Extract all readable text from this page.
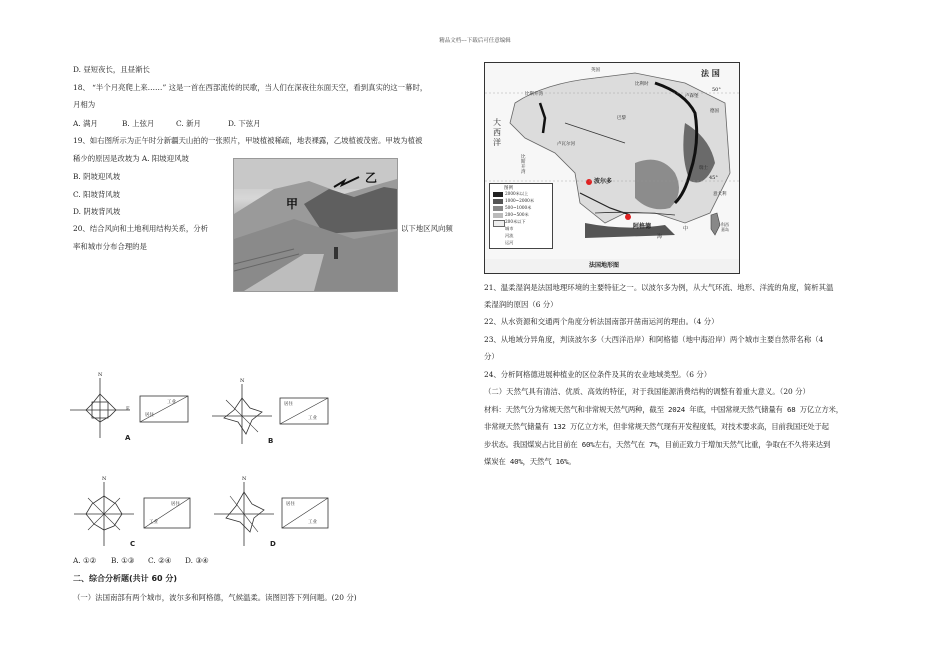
精品文档---下载后可任意编辑
D. 昼短夜长，且昼渐长
18、 “半个月亮爬上来……” 这是一首在西部流传的民歌，当人们在深夜往东面天空，看到真实的这一幕时，
月相为
A. 满月	B. 上弦月	C. 新月	D. 下弦月
19、如右图所示为正午时分新疆天山拍的一张照片，甲坡植被稀疏，地表裸露，乙坡植被茂密。甲坡为植被
稀少的原因是改坡为 A. 阳坡迎风坡
B. 阴坡迎风坡
C. 阳坡背风坡
D. 阴坡背风坡
20、结合风向和土地利用结构关系，分析	以下地区风向频
率和城市分布合理的是
甲
乙
N
E
工业
居住
A
N
居住
工业
B
N
居住
工业
C
N
居住
工业
D
A. ①② B. ①③ C. ②④ D. ③④
二、综合分析题(共计 60 分)
（一）法国南部有两个城市，波尔多和阿格德，气候温柔。读图回答下列问题。(20 分)
图例
2000米以上
1000~2000米
500~1000米
200~500米
200米以下
城市
河流
运河
法 国
大
西
洋
波尔多
阿格德
比斯开湾
卢瓦尔河
比斯开湾
英国
比利时
卢森堡
德国
巴黎
瑞士
意大利
中
海
科西嘉岛
50°
45°
法国地形图
21、温柔湿润是法国地理环境的主要特征之一。以波尔多为例，从大气环流、地形、洋流的角度，简析其温
柔湿润的原因（6 分）
22、从水资源和交通两个角度分析法国南部开凿南运河的理由。（4 分）
23、从地域分异角度，判读波尔多（大西洋沿岸）和阿格德（地中海沿岸）两个城市主要自然带名称（4
分）
24、分析阿格德进展种植业的区位条件及其的农业地域类型。（6 分）
（二）天然气具有清洁、优质、高效的特征，对于我国能源消费结构的调整有着重大意义。（20 分）
材料：天然气分为常规天然气和非常规天然气两种，截至 2024 年底，中国常规天然气储量有 68 万亿立方米，
非常规天然气储量有 132 万亿立方米，但非常规天然气现有开发程度低，对技术要求高，目前我国还处于起
步状态。我国煤炭占比目前在 60%左右，天然气在 7%，目前正致力于增加天然气比重，争取在不久将来达到
煤炭在 40%，天然气 16%。
